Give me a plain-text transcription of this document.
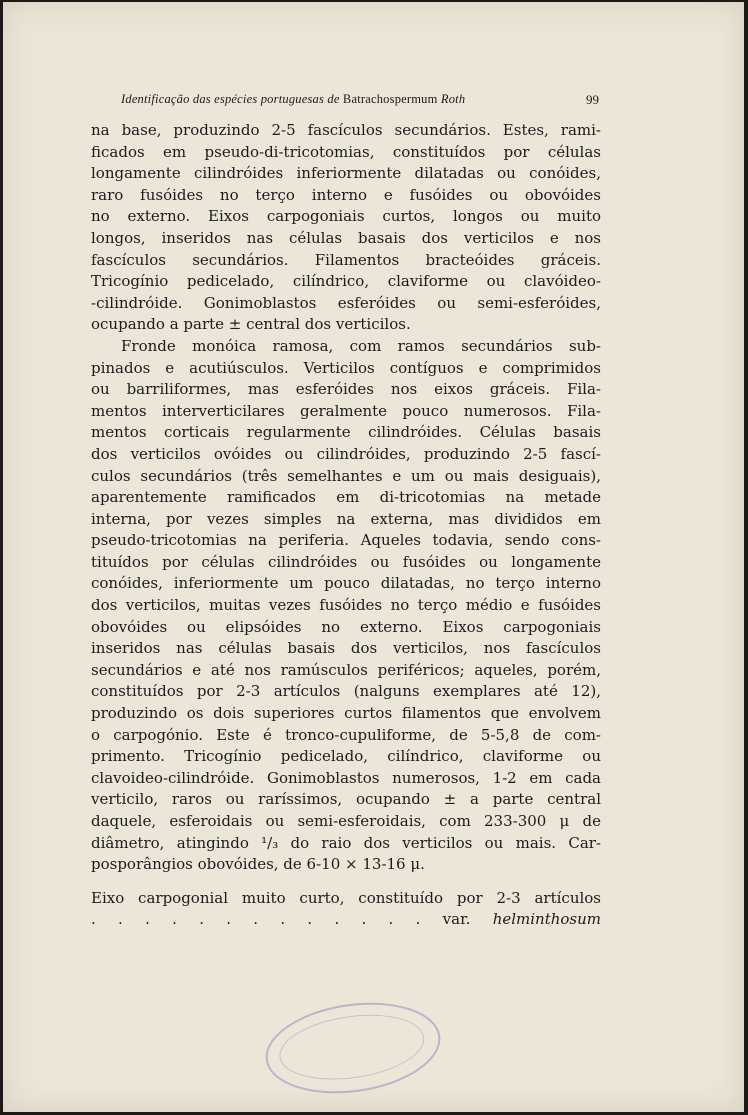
Identificação das espécies portuguesas de Batrachospermum Roth	99
na base, produzindo 2-5 fascículos secundários. Estes, rami-
ficados em pseudo-di-tricotomias, constituídos por células
longamente cilindróides inferiormente dilatadas ou conóides,
raro fusóides no terço interno e fusóides ou obovóides
no externo. Eixos carpogoniais curtos, longos ou muito
longos, inseridos nas células basais dos verticilos e nos
fascículos secundários. Filamentos bracteóides gráceis.
Tricogínio pedicelado, cilíndrico, claviforme ou clavóideo-
-cilindróide. Gonimoblastos esferóides ou semi-esferóides,
ocupando a parte ± central dos verticilos.
Fronde monóica ramosa, com ramos secundários sub-
pinados e acutiúsculos. Verticilos contíguos e comprimidos
ou barriliformes, mas esferóides nos eixos gráceis. Fila-
mentos interverticilares geralmente pouco numerosos. Fila-
mentos corticais regularmente cilindróides. Células basais
dos verticilos ovóides ou cilindróides, produzindo 2-5 fascí-
culos secundários (três semelhantes e um ou mais desiguais),
aparentemente ramificados em di-tricotomias na metade
interna, por vezes simples na externa, mas divididos em
pseudo-tricotomias na periferia. Aqueles todavia, sendo cons-
tituídos por células cilindróides ou fusóides ou longamente
conóides, inferiormente um pouco dilatadas, no terço interno
dos verticilos, muitas vezes fusóides no terço médio e fusóides
obovóides ou elipsóides no externo. Eixos carpogoniais
inseridos nas células basais dos verticilos, nos fascículos
secundários e até nos ramúsculos periféricos; aqueles, porém,
constituídos por 2-3 artículos (nalguns exemplares até 12),
produzindo os dois superiores curtos filamentos que envolvem
o carpogónio. Este é tronco-cupuliforme, de 5-5,8 de com-
primento. Tricogínio pedicelado, cilíndrico, claviforme ou
clavoideo-cilindróide. Gonimoblastos numerosos, 1-2 em cada
verticilo, raros ou raríssimos, ocupando ± a parte central
daquele, esferoidais ou semi-esferoidais, com 233-300 μ de
diâmetro, atingindo ¹/₃ do raio dos verticilos ou mais. Car-
posporângios obovóides, de 6-10 × 13-16 μ.
Eixo carpogonial muito curto, constituído por 2-3 artículos
. . . . . . . . . . . . . var. helminthosum
